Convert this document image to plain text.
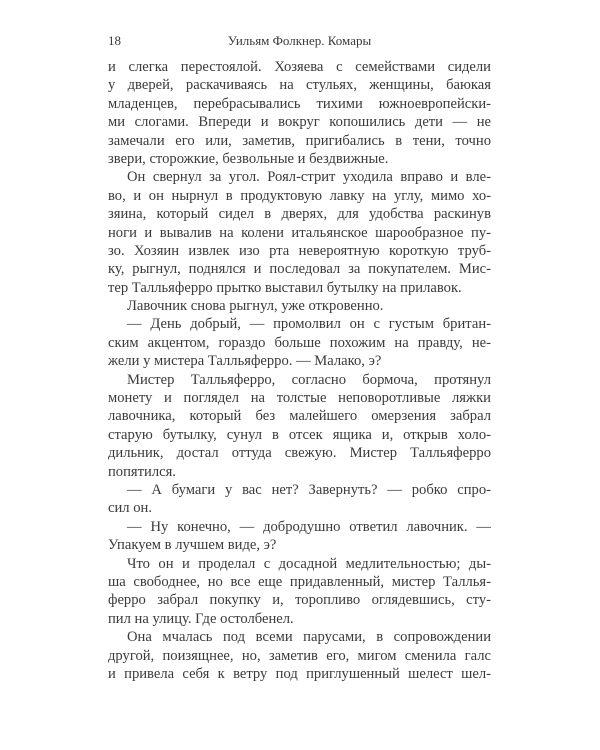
18	Уильям Фолкнер. Комары
и слегка перестоялой. Хозяева с семействами сидели
у дверей, раскачиваясь на стульях, женщины, баюкая
младенцев, перебрасывались тихими южноевропейски-
ми слогами. Впереди и вокруг копошились дети — не
замечали его или, заметив, пригибались в тени, точно
звери, сторожкие, безвольные и бездвижные.
Он свернул за угол. Роял-стрит уходила вправо и вле-
во, и он нырнул в продуктовую лавку на углу, мимо хо-
зяина, который сидел в дверях, для удобства раскинув
ноги и вывалив на колени итальянское шарообразное пу-
зо. Хозяин извлек изо рта невероятную короткую труб-
ку, рыгнул, поднялся и последовал за покупателем. Мис-
тер Талльяферро прытко выставил бутылку на прилавок.
Лавочник снова рыгнул, уже откровенно.
— День добрый, — промолвил он с густым британ-
ским акцентом, гораздо больше похожим на правду, не-
жели у мистера Талльяферро. — Малако, э?
Мистер Талльяферро, согласно бормоча, протянул
монету и поглядел на толстые неповоротливые ляжки
лавочника, который без малейшего омерзения забрал
старую бутылку, сунул в отсек ящика и, открыв холо-
дильник, достал оттуда свежую. Мистер Талльяферро
попятился.
— А бумаги у вас нет? Завернуть? — робко спро-
сил он.
— Ну конечно, — добродушно ответил лавочник. —
Упакуем в лучшем виде, э?
Что он и проделал с досадной медлительностью; ды-
ша свободнее, но все еще придавленный, мистер Таллья-
ферро забрал покупку и, торопливо оглядевшись, сту-
пил на улицу. Где остолбенел.
Она мчалась под всеми парусами, в сопровождении
другой, поизящнее, но, заметив его, мигом сменила галс
и привела себя к ветру под приглушенный шелест шел-
